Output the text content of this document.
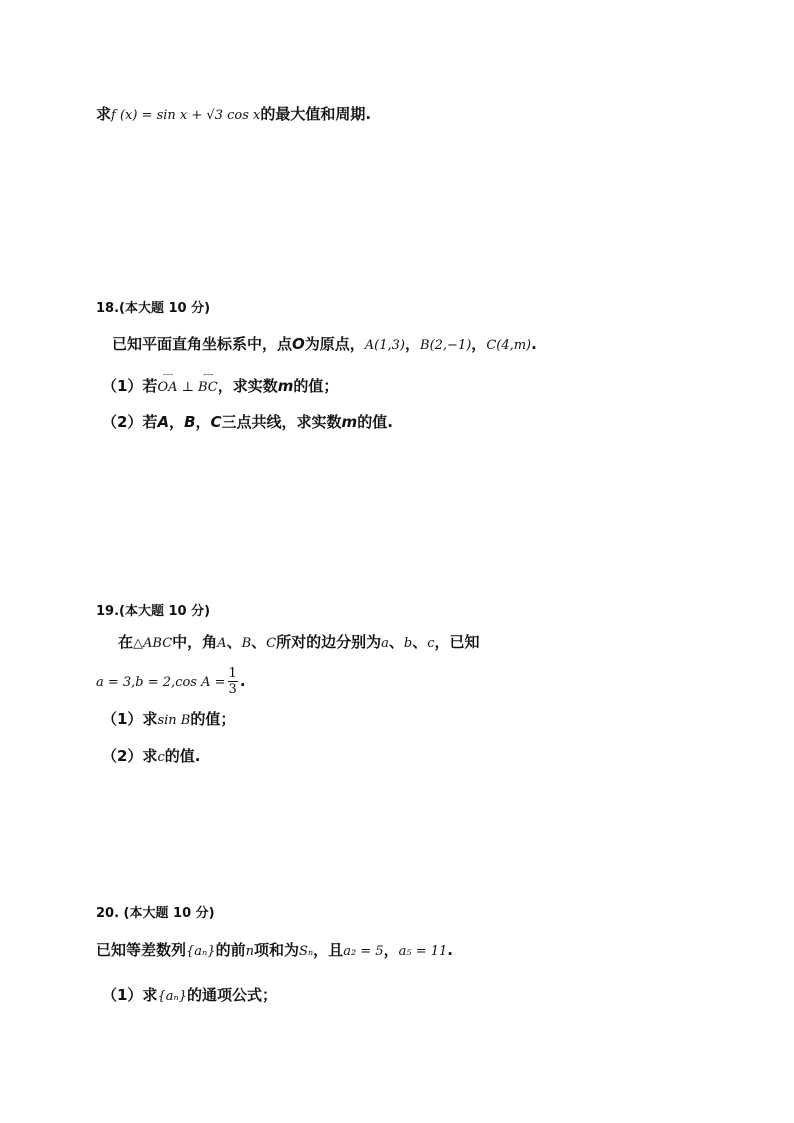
求f (x) = sin x + √3 cos x的最大值和周期.
18.(本大题 10 分)
已知平面直角坐标系中，点O为原点，A(1,3)，B(2,−1)，C(4,m).
（1）若˘˘˘ OA ⊥ ˘˘˘ BC，求实数m的值；
（2）若A，B，C三点共线，求实数m的值.
19.(本大题 10 分)
在△ABC中，角A、B、C所对的边分别为a、b、c，已知
a = 3,b = 2,cos $A = \frac{1}{3}$ .
（1）求sin B的值；
（2）求c的值.
20. (本大题 10 分)
已知等差数列{aₙ}的前n项和为Sₙ，且a₂ = 5，a₅ = 11.
（1）求{aₙ}的通项公式；
